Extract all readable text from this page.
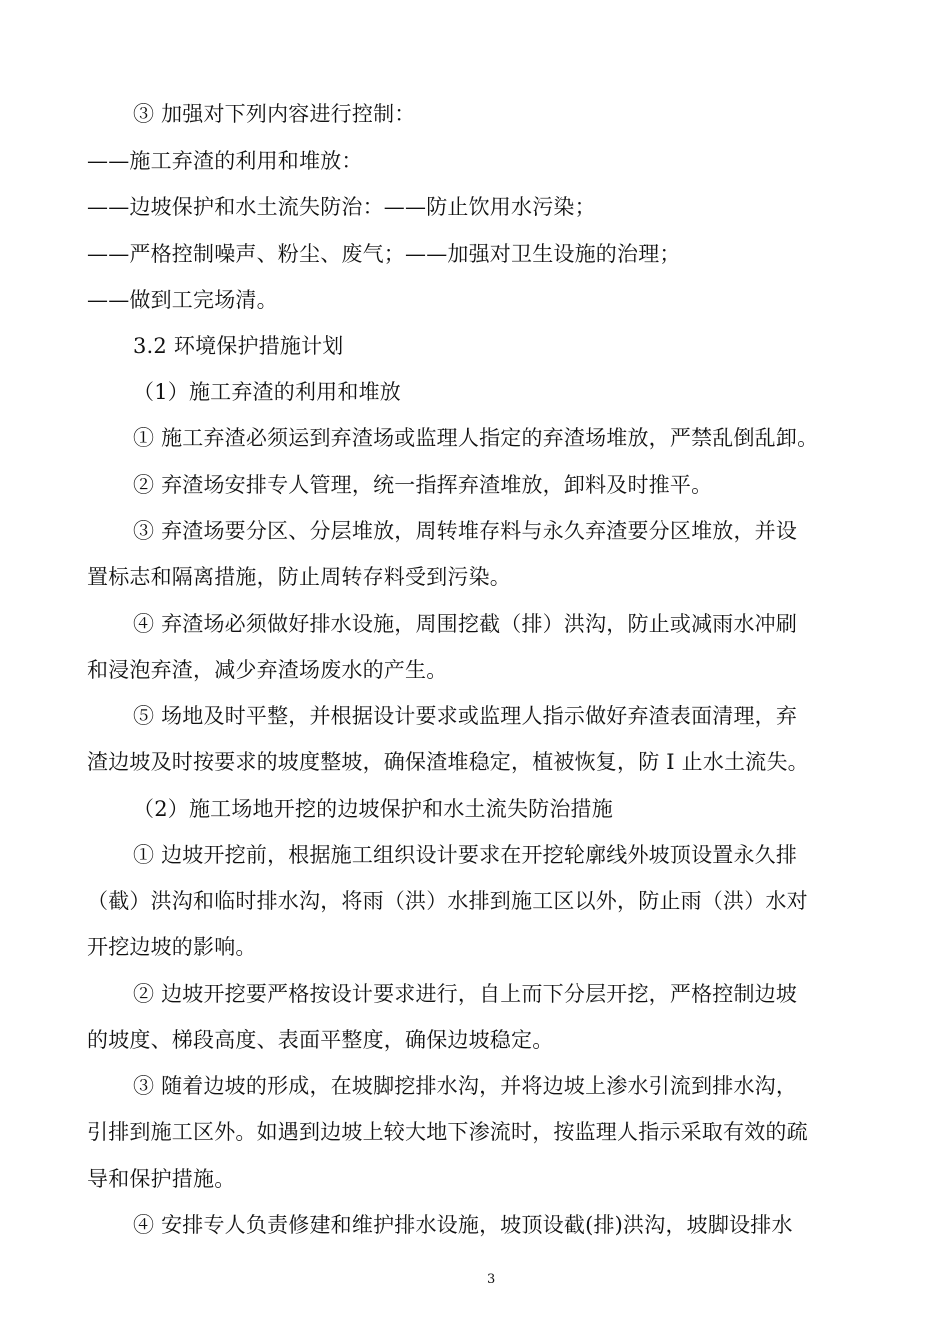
③ 加强对下列内容进行控制：
——施工弃渣的利用和堆放：
——边坡保护和水土流失防治：——防止饮用水污染；
——严格控制噪声、粉尘、废气；——加强对卫生设施的治理；
——做到工完场清。
3.2 环境保护措施计划
（1）施工弃渣的利用和堆放
① 施工弃渣必须运到弃渣场或监理人指定的弃渣场堆放，严禁乱倒乱卸。
② 弃渣场安排专人管理，统一指挥弃渣堆放，卸料及时推平。
③ 弃渣场要分区、分层堆放，周转堆存料与永久弃渣要分区堆放，并设
置标志和隔离措施，防止周转存料受到污染。
④ 弃渣场必须做好排水设施，周围挖截（排）洪沟，防止或减雨水冲刷
和浸泡弃渣，减少弃渣场废水的产生。
⑤ 场地及时平整，并根据设计要求或监理人指示做好弃渣表面清理，弃
渣边坡及时按要求的坡度整坡，确保渣堆稳定，植被恢复，防 I 止水土流失。
（2）施工场地开挖的边坡保护和水土流失防治措施
① 边坡开挖前，根据施工组织设计要求在开挖轮廓线外坡顶设置永久排
（截）洪沟和临时排水沟，将雨（洪）水排到施工区以外，防止雨（洪）水对
开挖边坡的影响。
② 边坡开挖要严格按设计要求进行，自上而下分层开挖，严格控制边坡
的坡度、梯段高度、表面平整度，确保边坡稳定。
③ 随着边坡的形成，在坡脚挖排水沟，并将边坡上渗水引流到排水沟，
引排到施工区外。如遇到边坡上较大地下渗流时，按监理人指示采取有效的疏
导和保护措施。
④ 安排专人负责修建和维护排水设施，坡顶设截(排)洪沟，坡脚设排水
3
